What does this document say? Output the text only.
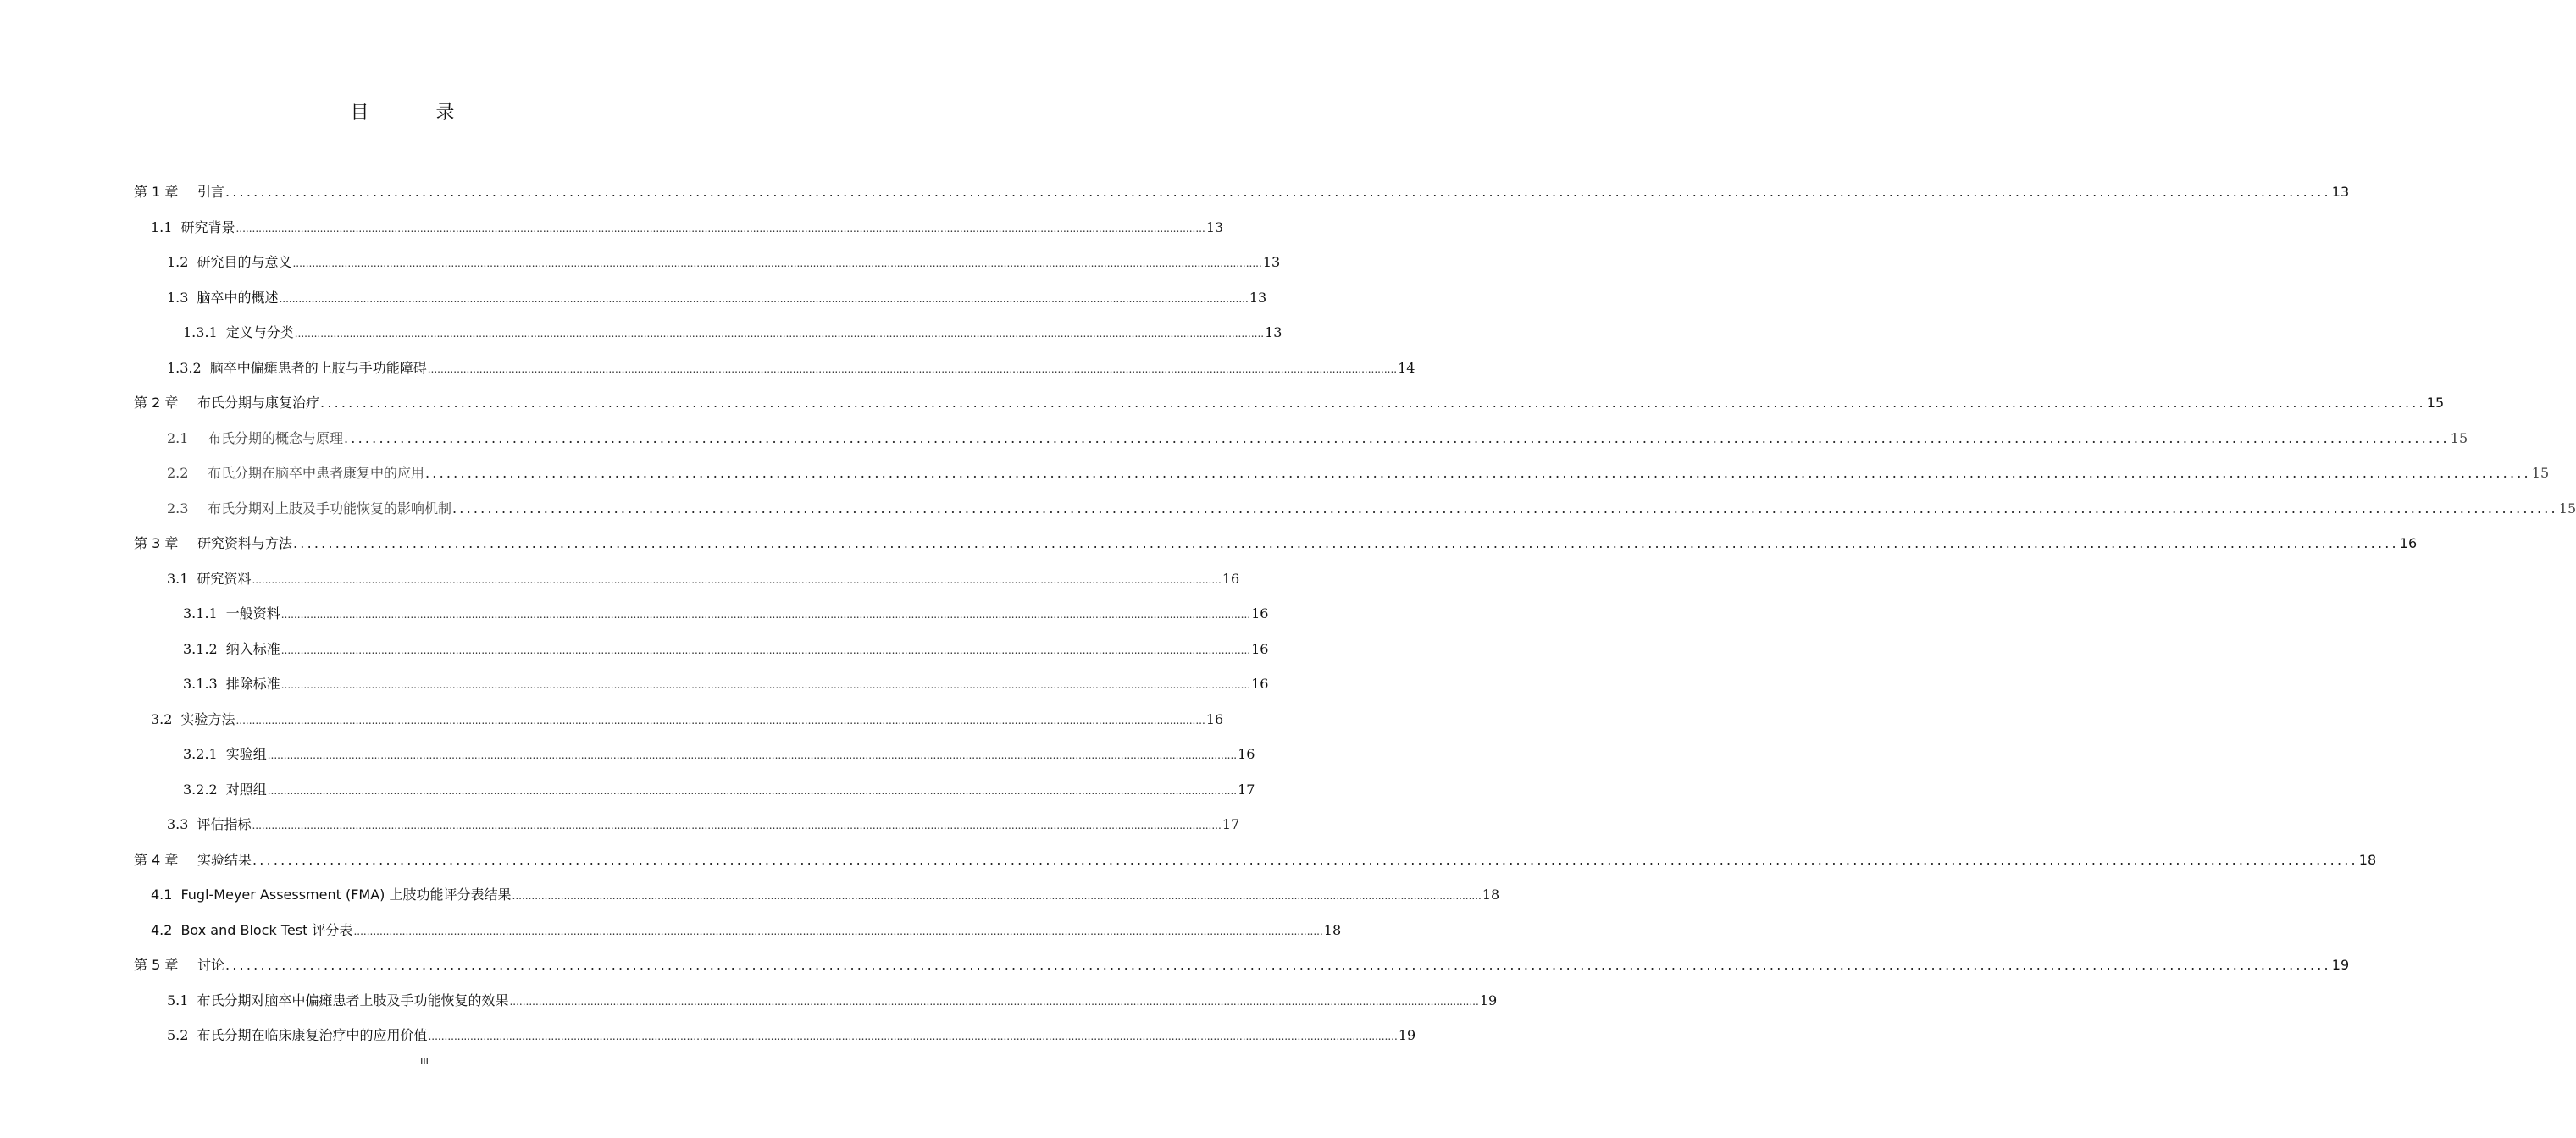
目 录
第 1 章 引言 ............................................................................................................................................................................................................................................................................................................ 13
1.1 研究背景 ............................................................................................................................................................................................................................................................................................................ 13
1.2 研究目的与意义 ............................................................................................................................................................................................................................................................................................................ 13
1.3 脑卒中的概述 ............................................................................................................................................................................................................................................................................................................ 13
1.3.1 定义与分类 ............................................................................................................................................................................................................................................................................................................ 13
1.3.2 脑卒中偏瘫患者的上肢与手功能障碍 ............................................................................................................................................................................................................................................................................................................ 14
第 2 章 布氏分期与康复治疗 ............................................................................................................................................................................................................................................................................................................ 15
2.1 布氏分期的概念与原理 ............................................................................................................................................................................................................................................................................................................ 15
2.2 布氏分期在脑卒中患者康复中的应用 ............................................................................................................................................................................................................................................................................................................ 15
2.3 布氏分期对上肢及手功能恢复的影响机制 ............................................................................................................................................................................................................................................................................................................ 15
第 3 章 研究资料与方法 ............................................................................................................................................................................................................................................................................................................ 16
3.1 研究资料 ............................................................................................................................................................................................................................................................................................................ 16
3.1.1 一般资料 ............................................................................................................................................................................................................................................................................................................ 16
3.1.2 纳入标准 ............................................................................................................................................................................................................................................................................................................ 16
3.1.3 排除标准 ............................................................................................................................................................................................................................................................................................................ 16
3.2 实验方法 ............................................................................................................................................................................................................................................................................................................ 16
3.2.1 实验组 ............................................................................................................................................................................................................................................................................................................ 16
3.2.2 对照组 ............................................................................................................................................................................................................................................................................................................ 17
3.3 评估指标 ............................................................................................................................................................................................................................................................................................................ 17
第 4 章 实验结果 ............................................................................................................................................................................................................................................................................................................ 18
4.1 Fugl-Meyer Assessment (FMA) 上肢功能评分表结果 ............................................................................................................................................................................................................................................................................................................ 18
4.2 Box and Block Test 评分表 ............................................................................................................................................................................................................................................................................................................ 18
第 5 章 讨论 ............................................................................................................................................................................................................................................................................................................ 19
5.1 布氏分期对脑卒中偏瘫患者上肢及手功能恢复的效果 ............................................................................................................................................................................................................................................................................................................ 19
5.2 布氏分期在临床康复治疗中的应用价值 ............................................................................................................................................................................................................................................................................................................ 19
III
